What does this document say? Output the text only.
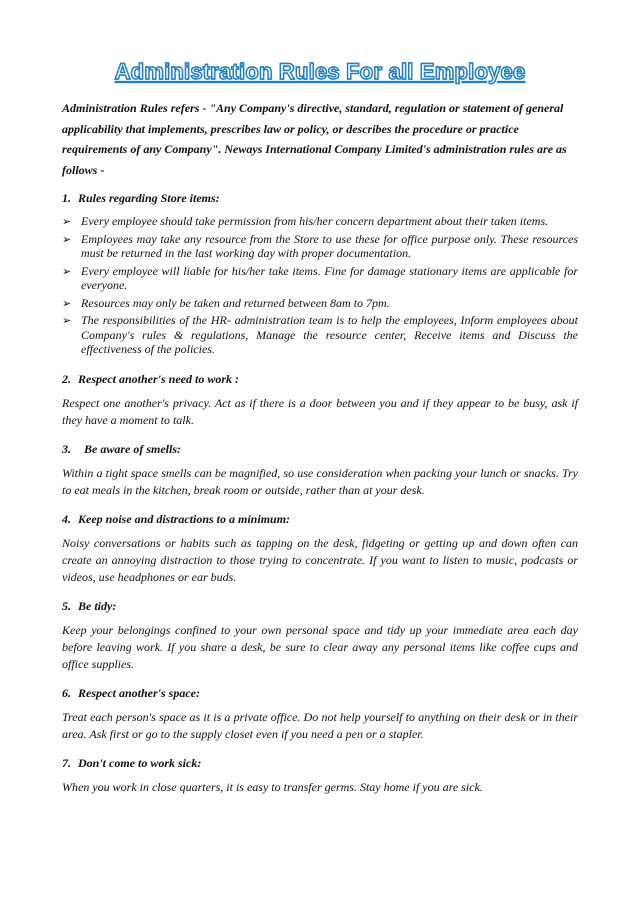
Administration Rules For all Employee
Administration Rules refers - "Any Company's directive, standard, regulation or statement of general applicability that implements, prescribes law or policy, or describes the procedure or practice requirements of any Company". Neways International Company Limited's administration rules are as follows -
1. Rules regarding Store items:
➢ Every employee should take permission from his/her concern department about their taken items.
➢ Employees may take any resource from the Store to use these for office purpose only. These resources must be returned in the last working day with proper documentation.
➢ Every employee will liable for his/her take items. Fine for damage stationary items are applicable for everyone.
➢ Resources may only be taken and returned between 8am to 7pm.
➢ The responsibilities of the HR- administration team is to help the employees, Inform employees about Company's rules & regulations, Manage the resource center, Receive items and Discuss the effectiveness of the policies.
2. Respect another's need to work :
Respect one another's privacy. Act as if there is a door between you and if they appear to be busy, ask if they have a moment to talk.
3. Be aware of smells:
Within a tight space smells can be magnified, so use consideration when packing your lunch or snacks. Try to eat meals in the kitchen, break room or outside, rather than at your desk.
4. Keep noise and distractions to a minimum:
Noisy conversations or habits such as tapping on the desk, fidgeting or getting up and down often can create an annoying distraction to those trying to concentrate. If you want to listen to music, podcasts or videos, use headphones or ear buds.
5. Be tidy:
Keep your belongings confined to your own personal space and tidy up your immediate area each day before leaving work. If you share a desk, be sure to clear away any personal items like coffee cups and office supplies.
6. Respect another's space:
Treat each person's space as it is a private office. Do not help yourself to anything on their desk or in their area. Ask first or go to the supply closet even if you need a pen or a stapler.
7. Don't come to work sick:
When you work in close quarters, it is easy to transfer germs. Stay home if you are sick.
